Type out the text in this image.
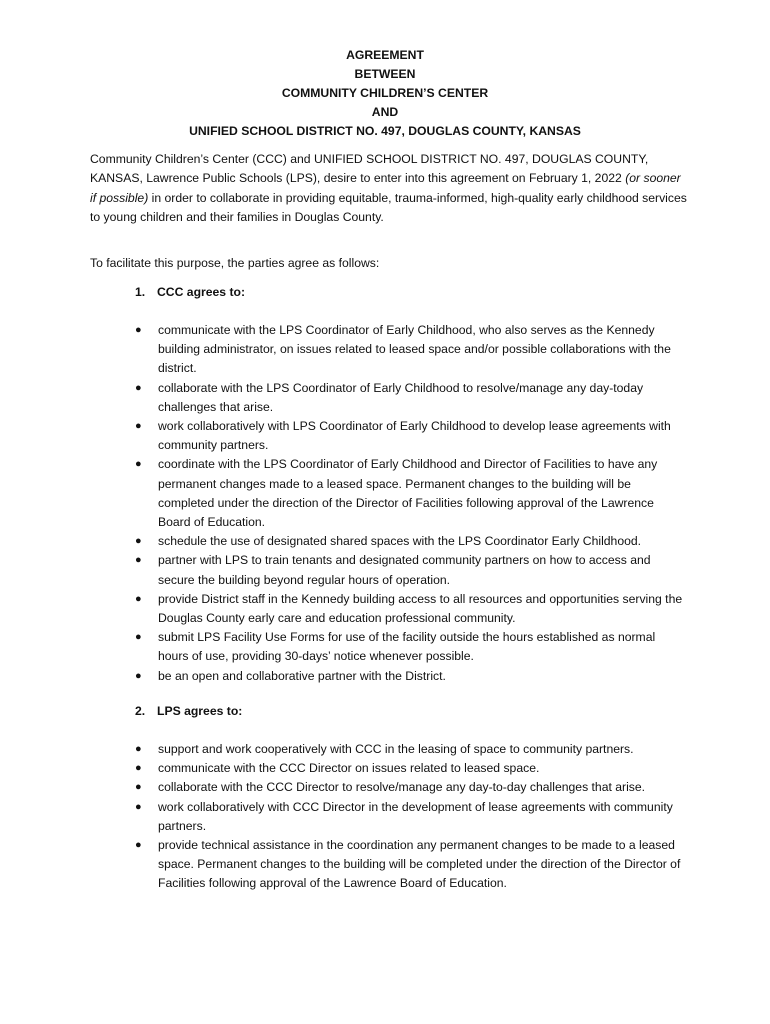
AGREEMENT
BETWEEN
COMMUNITY CHILDREN’S CENTER
AND
UNIFIED SCHOOL DISTRICT NO. 497, DOUGLAS COUNTY, KANSAS

Community Children’s Center (CCC) and UNIFIED SCHOOL DISTRICT NO. 497, DOUGLAS COUNTY, KANSAS, Lawrence Public Schools (LPS), desire to enter into this agreement on February 1, 2022 (or sooner if possible) in order to collaborate in providing equitable, trauma-informed, high-quality early childhood services to young children and their families in Douglas County.

To facilitate this purpose, the parties agree as follows:

1. CCC agrees to:
● communicate with the LPS Coordinator of Early Childhood, who also serves as the Kennedy building administrator, on issues related to leased space and/or possible collaborations with the district.
● collaborate with the LPS Coordinator of Early Childhood to resolve/manage any day-today challenges that arise.
● work collaboratively with LPS Coordinator of Early Childhood to develop lease agreements with community partners.
● coordinate with the LPS Coordinator of Early Childhood and Director of Facilities to have any permanent changes made to a leased space. Permanent changes to the building will be completed under the direction of the Director of Facilities following approval of the Lawrence Board of Education.
● schedule the use of designated shared spaces with the LPS Coordinator Early Childhood.
● partner with LPS to train tenants and designated community partners on how to access and secure the building beyond regular hours of operation.
● provide District staff in the Kennedy building access to all resources and opportunities serving the Douglas County early care and education professional community.
● submit LPS Facility Use Forms for use of the facility outside the hours established as normal hours of use, providing 30-days’ notice whenever possible.
● be an open and collaborative partner with the District.
2. LPS agrees to:
● support and work cooperatively with CCC in the leasing of space to community partners.
● communicate with the CCC Director on issues related to leased space.
● collaborate with the CCC Director to resolve/manage any day-to-day challenges that arise.
● work collaboratively with CCC Director in the development of lease agreements with community partners.
● provide technical assistance in the coordination any permanent changes to be made to a leased space. Permanent changes to the building will be completed under the direction of the Director of Facilities following approval of the Lawrence Board of Education.
